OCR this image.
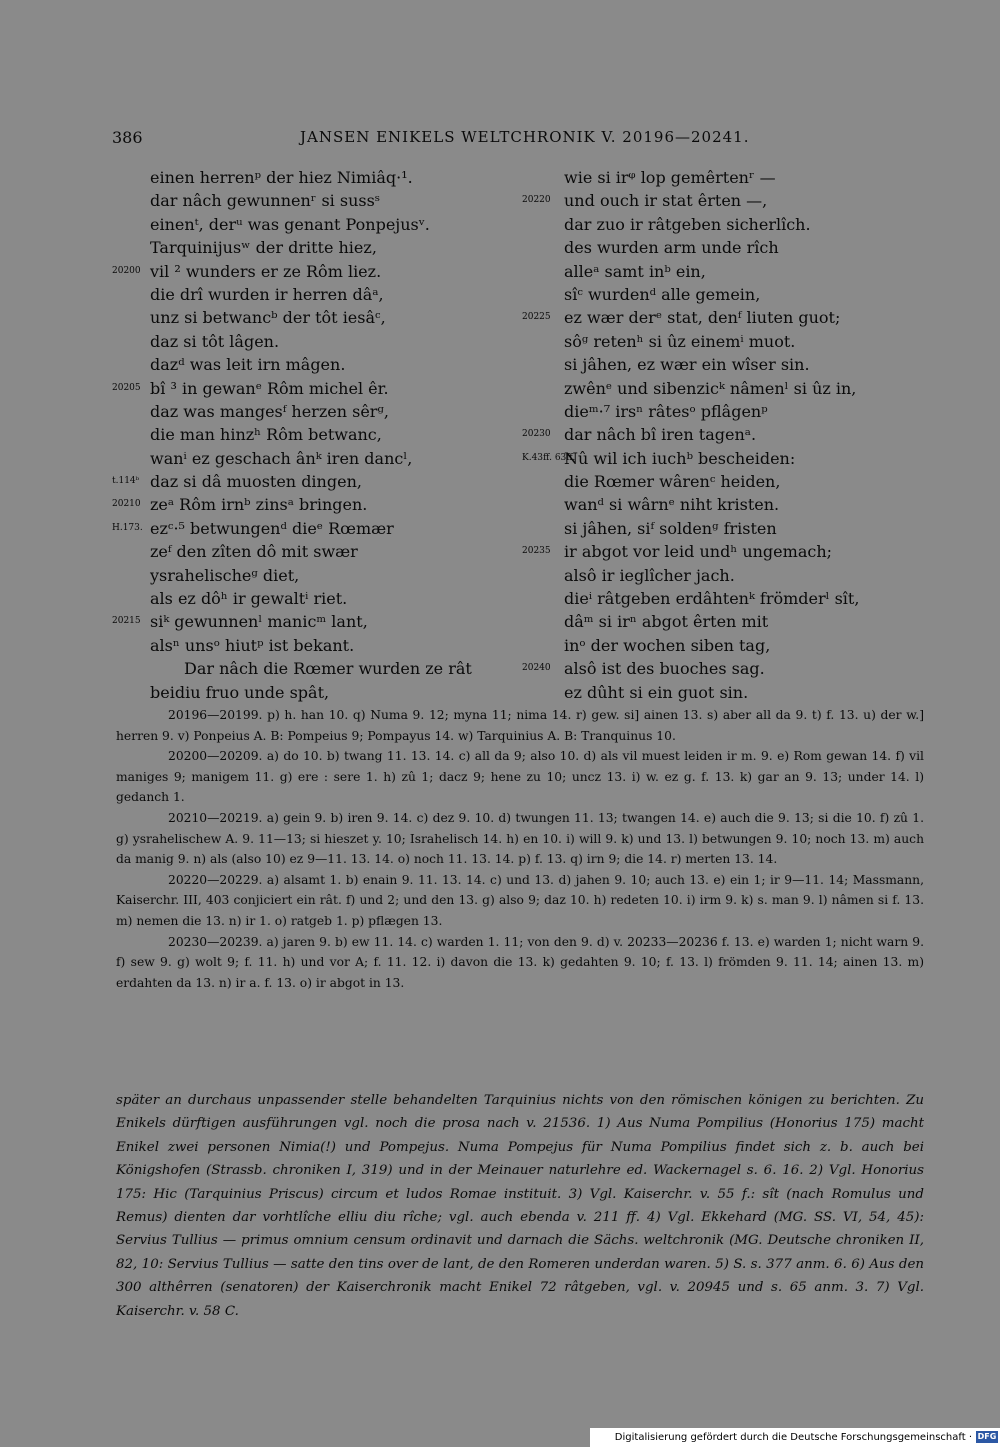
386	JANSEN ENIKELS WELTCHRONIK V. 20196—20241.
einen herrenᵖ der hiez Nimiâq·¹.
dar nâch gewunnenʳ si sussˢ
einenᵗ, derᵘ was genant Ponpejusᵛ.
Tarquinijusʷ der dritte hiez,
20200 vil ² wunders er ze Rôm liez.
die drî wurden ir herren dâᵃ,
unz si betwancᵇ der tôt iesâᶜ,
daz si tôt lâgen.
dazᵈ was leit irn mâgen.
20205 bî ³ in gewanᵉ Rôm michel êr.
daz was mangesᶠ herzen sêrᵍ,
die man hinzʰ Rôm betwanc,
wanⁱ ez geschach ânᵏ iren dancˡ,
t.114ᵇ daz si dâ muosten dingen,
20210 zeᵃ Rôm irnᵇ zinsᵃ bringen.
H.173. ezᶜ·⁵ betwungenᵈ dieᵉ Rœmær
zeᶠ den zîten dô mit swær
ysrahelischeᵍ diet,
als ez dôʰ ir gewaltⁱ riet.
20215 siᵏ gewunnenˡ manicᵐ lant,
alsⁿ unsᵒ hiutᵖ ist bekant.
Dar nâch die Rœmer wurden ze rât
beidiu fruo unde spât,
wie si irᵠ lop gemêrtenʳ —
20220 und ouch ir stat êrten —,
dar zuo ir râtgeben sicherlîch.
des wurden arm unde rîch
alleᵃ samt inᵇ ein,
sîᶜ wurdenᵈ alle gemein,
20225 ez wær derᵉ stat, denᶠ liuten guot;
sôᵍ retenʰ si ûz einemⁱ muot.
si jâhen, ez wær ein wîser sin.
zwênᵉ und sibenzicᵏ nâmenˡ si ûz in,
dieᵐ·⁷ irsⁿ râtesᵒ pflâgenᵖ
20230 dar nâch bî iren tagenᵃ.
K.43ff. 63ff.
Nû wil ich iuchᵇ bescheiden:
die Rœmer wârenᶜ heiden,
wanᵈ si wârnᵉ niht kristen.
si jâhen, siᶠ soldenᵍ fristen
20235 ir abgot vor leid undʰ ungemach;
alsô ir ieglîcher jach.
dieⁱ râtgeben erdâhtenᵏ frömderˡ sît,
dâᵐ si irⁿ abgot êrten mit
inᵒ der wochen siben tag,
20240 alsô ist des buoches sag.
ez dûht si ein guot sin.

20196—20199. p) h. han 10. q) Numa 9. 12; myna 11; nima 14. r) gew. si] ainen 13. s) aber all da 9. t) f. 13. u) der w.] herren 9. v) Ponpeius A. B: Pompeius 9; Pompayus 14. w) Tarquinius A. B: Tranquinus 10.

20200—20209. a) do 10. b) twang 11. 13. 14. c) all da 9; also 10. d) als vil muest leiden ir m. 9. e) Rom gewan 14. f) vil maniges 9; manigem 11. g) ere : sere 1. h) zû 1; dacz 9; hene zu 10; uncz 13. i) w. ez g. f. 13. k) gar an 9. 13; under 14. l) gedanch 1.

20210—20219. a) gein 9. b) iren 9. 14. c) dez 9. 10. d) twungen 11. 13; twangen 14. e) auch die 9. 13; si die 10. f) zû 1. g) ysrahelischew A. 9. 11—13; si hieszet y. 10; Israhelisch 14. h) en 10. i) will 9. k) und 13. l) betwungen 9. 10; noch 13. m) auch da manig 9. n) als (also 10) ez 9—11. 13. 14. o) noch 11. 13. 14. p) f. 13. q) irn 9; die 14. r) merten 13. 14.

20220—20229. a) alsamt 1. b) enain 9. 11. 13. 14. c) und 13. d) jahen 9. 10; auch 13. e) ein 1; ir 9—11. 14; Massmann, Kaiserchr. III, 403 conjiciert ein rât. f) und 2; und den 13. g) also 9; daz 10. h) redeten 10. i) irm 9. k) s. man 9. l) nâmen si f. 13. m) nemen die 13. n) ir 1. o) ratgeb 1. p) pflægen 13.

20230—20239. a) jaren 9. b) ew 11. 14. c) warden 1. 11; von den 9. d) v. 20233—20236 f. 13. e) warden 1; nicht warn 9. f) sew 9. g) wolt 9; f. 11. h) und vor A; f. 11. 12. i) davon die 13. k) gedahten 9. 10; f. 13. l) frömden 9. 11. 14; ainen 13. m) erdahten da 13. n) ir a. f. 13. o) ir abgot in 13.

später an durchaus unpassender stelle behandelten Tarquinius nichts von den römischen königen zu berichten. Zu Enikels dürftigen ausführungen vgl. noch die prosa nach v. 21536. 1) Aus Numa Pompilius (Honorius 175) macht Enikel zwei personen Nimia(!) und Pompejus. Numa Pompejus für Numa Pompilius findet sich z. b. auch bei Königshofen (Strassb. chroniken I, 319) und in der Meinauer naturlehre ed. Wackernagel s. 6. 16. 2) Vgl. Honorius 175: Hic (Tarquinius Priscus) circum et ludos Romae instituit. 3) Vgl. Kaiserchr. v. 55 f.: sît (nach Romulus und Remus) dienten dar vorhtlîche elliu diu rîche; vgl. auch ebenda v. 211 ff. 4) Vgl. Ekkehard (MG. SS. VI, 54, 45): Servius Tullius — primus omnium censum ordinavit und darnach die Sächs. weltchronik (MG. Deutsche chroniken II, 82, 10: Servius Tullius — satte den tins over de lant, de den Romeren underdan waren. 5) S. s. 377 anm. 6. 6) Aus den 300 althêrren (senatoren) der Kaiserchronik macht Enikel 72 râtgeben, vgl. v. 20945 und s. 65 anm. 3. 7) Vgl. Kaiserchr. v. 58 C.

Digitalisierung gefördert durch die Deutsche Forschungsgemeinschaft · DFG
